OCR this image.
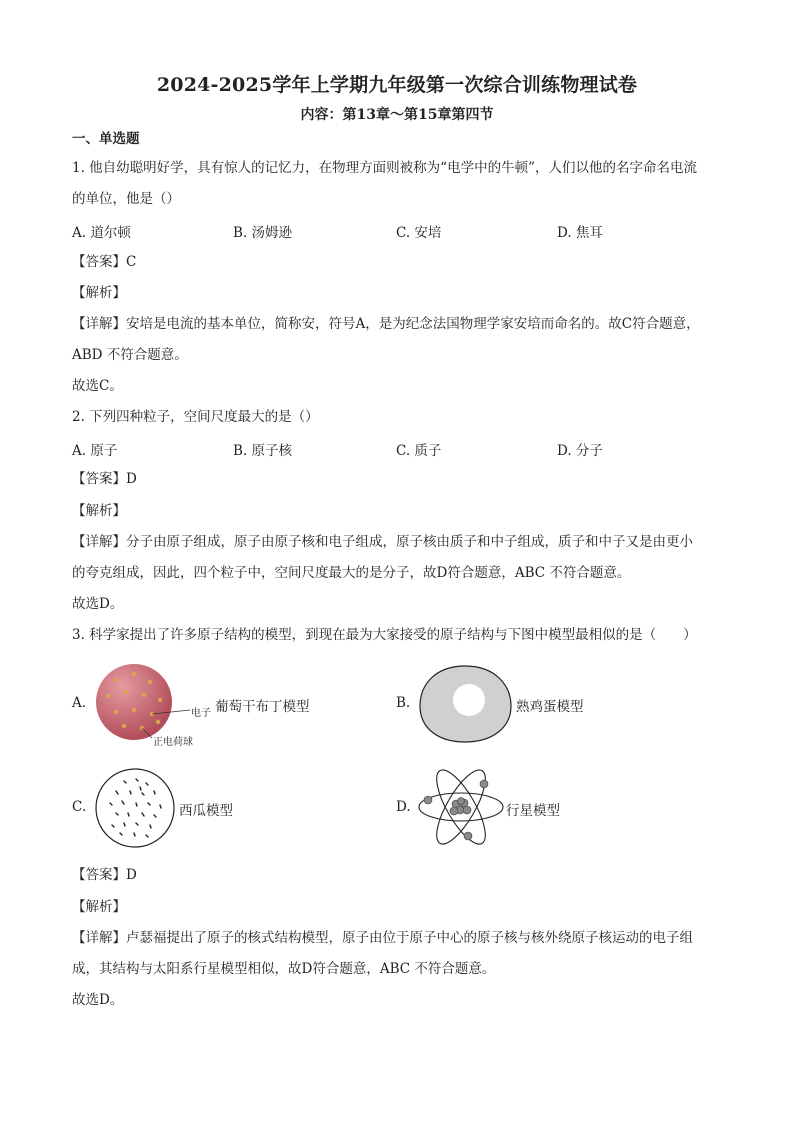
2024-2025学年上学期九年级第一次综合训练物理试卷
内容：第13章～第15章第四节
一、单选题
1. 他自幼聪明好学，具有惊人的记忆力，在物理方面则被称为“电学中的牛顿”，人们以他的名字命名电流
的单位，他是（）
A. 道尔顿	B. 汤姆逊	C. 安培	D. 焦耳
【答案】C
【解析】
【详解】安培是电流的基本单位，简称安，符号A，是为纪念法国物理学家安培而命名的。故C符合题意，
ABD 不符合题意。
故选C。
2. 下列四种粒子，空间尺度最大的是（）
A. 原子	B. 原子核	C. 质子	D. 分子
【答案】D
【解析】
【详解】分子由原子组成，原子由原子核和电子组成，原子核由质子和中子组成，质子和中子又是由更小
的夸克组成，因此，四个粒子中，空间尺度最大的是分子，故D符合题意，ABC 不符合题意。
故选D。
3. 科学家提出了许多原子结构的模型，到现在最为大家接受的原子结构与下图中模型最相似的是（　　）
A.	葡萄干布丁模型
电子
正电荷球
B.	熟鸡蛋模型
C.	西瓜模型	D.	行星模型
【答案】D
【解析】
【详解】卢瑟福提出了原子的核式结构模型，原子由位于原子中心的原子核与核外绕原子核运动的电子组
成，其结构与太阳系行星模型相似，故D符合题意，ABC 不符合题意。
故选D。
